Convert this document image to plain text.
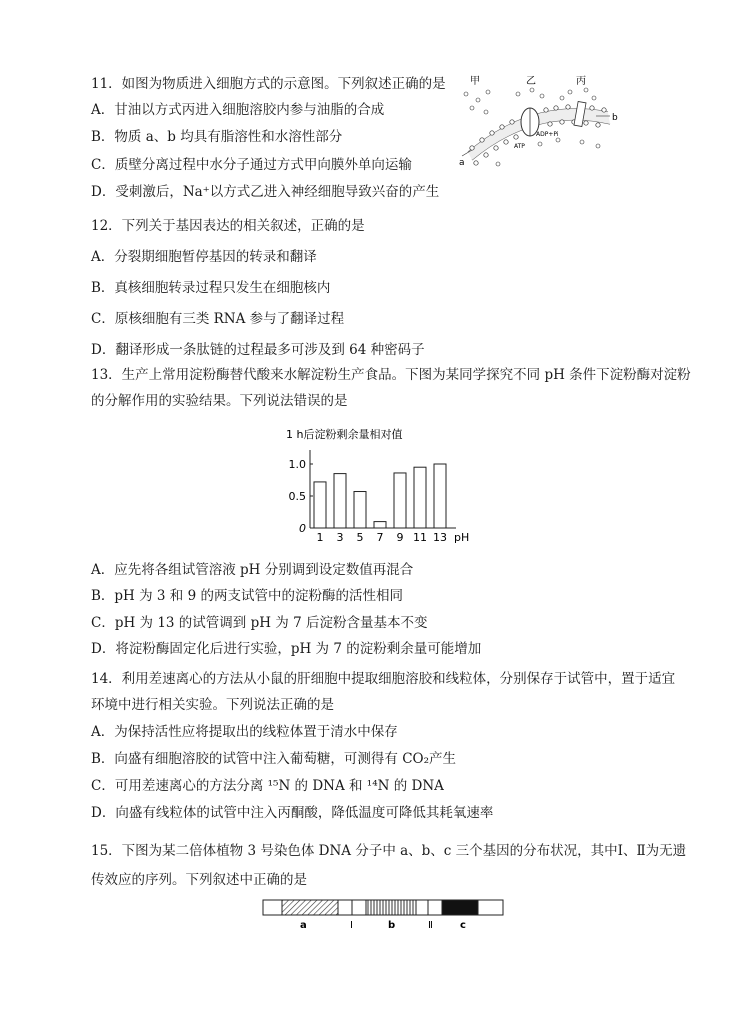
11．如图为物质进入细胞方式的示意图。下列叙述正确的是
A．甘油以方式丙进入细胞溶胶内参与油脂的合成
B．物质 a、b 均具有脂溶性和水溶性部分
C．质壁分离过程中水分子通过方式甲向膜外单向运输
D．受刺激后，Na⁺以方式乙进入神经细胞导致兴奋的产生
甲	乙	丙
ATP
ADP+Pi
a
b
12．下列关于基因表达的相关叙述，正确的是
A．分裂期细胞暂停基因的转录和翻译
B．真核细胞转录过程只发生在细胞核内
C．原核细胞有三类 RNA 参与了翻译过程
D．翻译形成一条肽链的过程最多可涉及到 64 种密码子
13．生产上常用淀粉酶替代酸来水解淀粉生产食品。下图为某同学探究不同 pH 条件下淀粉酶对淀粉
的分解作用的实验结果。下列说法错误的是
1 h后淀粉剩余量相对值
1.0
0.5
0
1 3 5 7 9 11 13 pH
A．应先将各组试管溶液 pH 分别调到设定数值再混合
B．pH 为 3 和 9 的两支试管中的淀粉酶的活性相同
C．pH 为 13 的试管调到 pH 为 7 后淀粉含量基本不变
D．将淀粉酶固定化后进行实验，pH 为 7 的淀粉剩余量可能增加
14．利用差速离心的方法从小鼠的肝细胞中提取细胞溶胶和线粒体，分别保存于试管中，置于适宜
环境中进行相关实验。下列说法正确的是
A．为保持活性应将提取出的线粒体置于清水中保存
B．向盛有细胞溶胶的试管中注入葡萄糖，可测得有 CO₂产生
C．可用差速离心的方法分离 ¹⁵N 的 DNA 和 ¹⁴N 的 DNA
D．向盛有线粒体的试管中注入丙酮酸，降低温度可降低其耗氧速率
15．下图为某二倍体植物 3 号染色体 DNA 分子中 a、b、c 三个基因的分布状况，其中Ⅰ、Ⅱ为无遗
传效应的序列。下列叙述中正确的是
a	Ⅰ	b	Ⅱ	c
